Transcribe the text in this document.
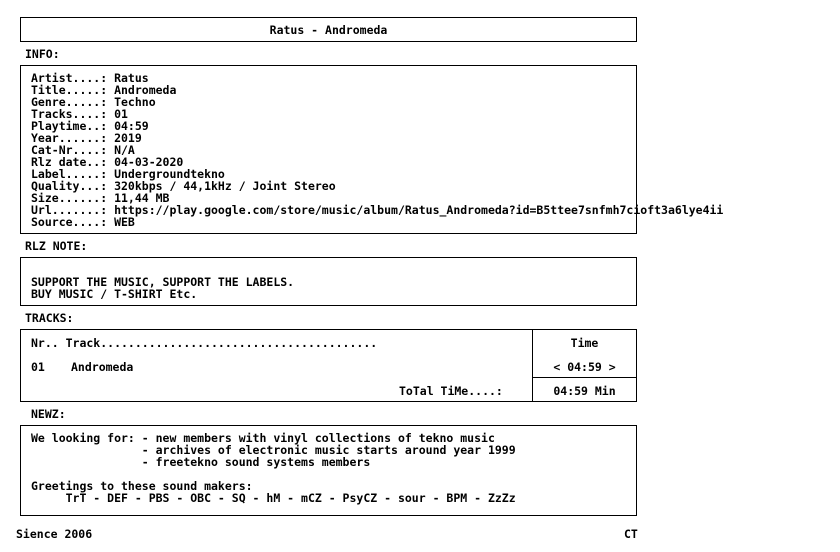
Ratus - Andromeda
INFO:
Artist....: Ratus
Title.....: Andromeda
Genre.....: Techno
Tracks....: 01
Playtime..: 04:59
Year......: 2019
Cat-Nr....: N/A
Rlz date..: 04-03-2020
Label.....: Undergroundtekno
Quality...: 320kbps / 44,1kHz / Joint Stereo
Size......: 11,44 MB
Url.......: https://play.google.com/store/music/album/Ratus_Andromeda?id=B5ttee7snfmh7cioft3a6lye4ii
Source....: WEB
RLZ NOTE:
SUPPORT THE MUSIC, SUPPORT THE LABELS.
BUY MUSIC / T-SHIRT Etc.
TRACKS:
Nr.. Track........................................	Time
01 Andromeda	< 04:59 >
ToTal TiMe....:	04:59 Min
NEWZ:
We looking for: - new members with vinyl collections of tekno music
- archives of electronic music starts around year 1999
- freetekno sound systems members
Greetings to these sound makers:
TrT - DEF - PBS - OBC - SQ - hM - mCZ - PsyCZ - sour - BPM - ZzZz
Sience 2006	CT
